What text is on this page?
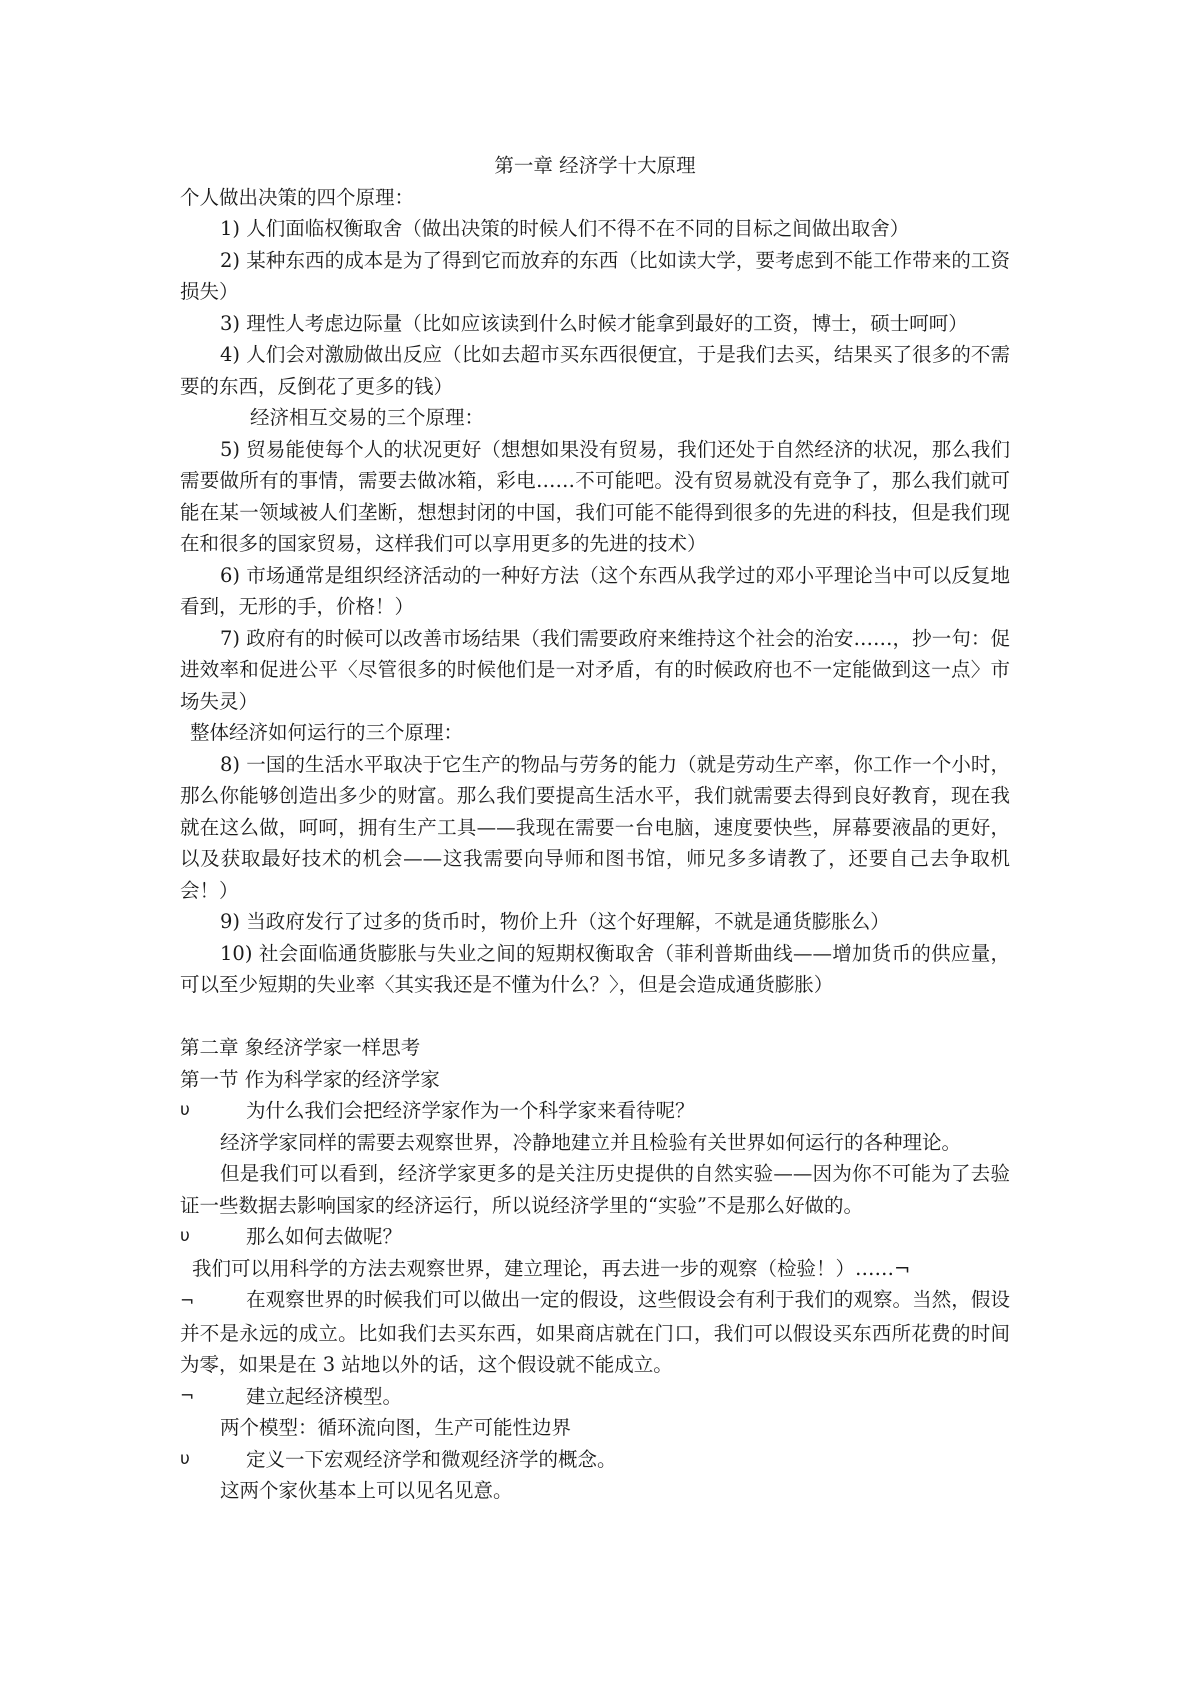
第一章 经济学十大原理

个人做出决策的四个原理：

1) 人们面临权衡取舍（做出决策的时候人们不得不在不同的目标之间做出取舍）

2) 某种东西的成本是为了得到它而放弃的东西（比如读大学，要考虑到不能工作带来的工资损失）

3) 理性人考虑边际量（比如应该读到什么时候才能拿到最好的工资，博士，硕士呵呵）

4) 人们会对激励做出反应（比如去超市买东西很便宜，于是我们去买，结果买了很多的不需要的东西，反倒花了更多的钱）

经济相互交易的三个原理：

5) 贸易能使每个人的状况更好（想想如果没有贸易，我们还处于自然经济的状况，那么我们需要做所有的事情，需要去做冰箱，彩电……不可能吧。没有贸易就没有竞争了，那么我们就可能在某一领域被人们垄断，想想封闭的中国，我们可能不能得到很多的先进的科技，但是我们现在和很多的国家贸易，这样我们可以享用更多的先进的技术）

6) 市场通常是组织经济活动的一种好方法（这个东西从我学过的邓小平理论当中可以反复地看到，无形的手，价格！）

7) 政府有的时候可以改善市场结果（我们需要政府来维持这个社会的治安……，抄一句：促进效率和促进公平〈尽管很多的时候他们是一对矛盾，有的时候政府也不一定能做到这一点〉市场失灵）

整体经济如何运行的三个原理：

8) 一国的生活水平取决于它生产的物品与劳务的能力（就是劳动生产率，你工作一个小时，那么你能够创造出多少的财富。那么我们要提高生活水平，我们就需要去得到良好教育，现在我就在这么做，呵呵，拥有生产工具——我现在需要一台电脑，速度要快些，屏幕要液晶的更好，以及获取最好技术的机会——这我需要向导师和图书馆，师兄多多请教了，还要自己去争取机会！）

9) 当政府发行了过多的货币时，物价上升（这个好理解，不就是通货膨胀么）

10) 社会面临通货膨胀与失业之间的短期权衡取舍（菲利普斯曲线——增加货币的供应量，可以至少短期的失业率〈其实我还是不懂为什么？〉，但是会造成通货膨胀）

第二章 象经济学家一样思考

第一节 作为科学家的经济学家

υ	为什么我们会把经济学家作为一个科学家来看待呢？

经济学家同样的需要去观察世界，冷静地建立并且检验有关世界如何运行的各种理论。

但是我们可以看到，经济学家更多的是关注历史提供的自然实验——因为你不可能为了去验证一些数据去影响国家的经济运行，所以说经济学里的“实验”不是那么好做的。

υ	那么如何去做呢？

我们可以用科学的方法去观察世界，建立理论，再去进一步的观察（检验！）……¬

¬	在观察世界的时候我们可以做出一定的假设，这些假设会有利于我们的观察。当然，假设并不是永远的成立。比如我们去买东西，如果商店就在门口，我们可以假设买东西所花费的时间为零，如果是在 3 站地以外的话，这个假设就不能成立。

¬	建立起经济模型。

两个模型：循环流向图，生产可能性边界

υ	定义一下宏观经济学和微观经济学的概念。

这两个家伙基本上可以见名见意。
